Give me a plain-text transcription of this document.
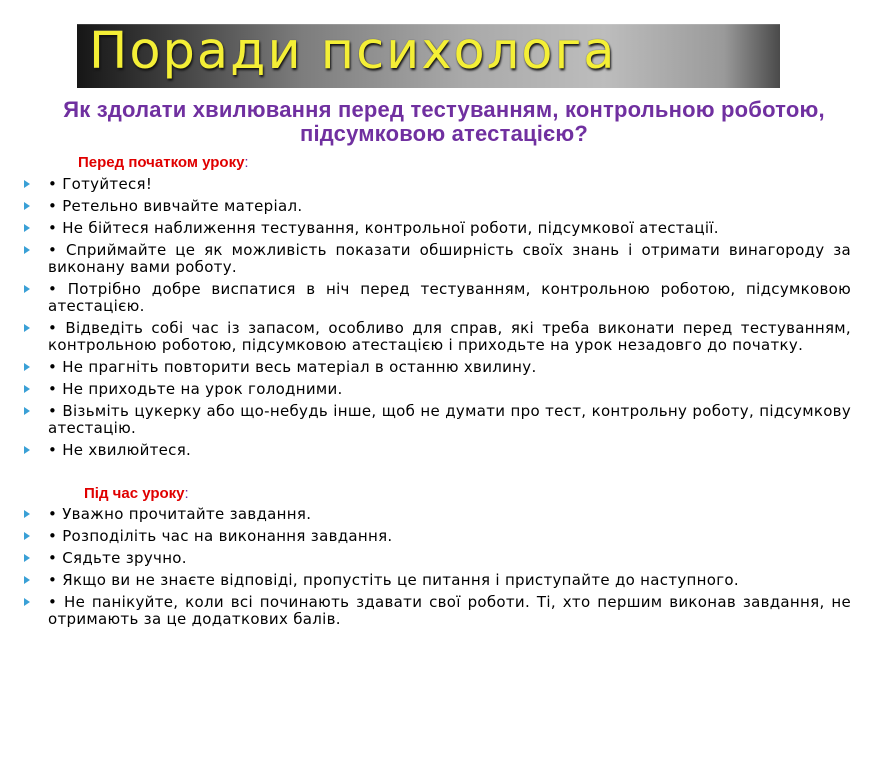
Поради психолога
Як здолати хвилювання перед тестуванням, контрольною роботою, підсумковою атестацією?
Перед початком уроку:
• Готуйтеся!
• Ретельно вивчайте матеріал.
• Не бійтеся наближення тестування, контрольної роботи, підсумкової атестації.
• Сприймайте це як можливість показати обширність своїх знань і отримати винагороду за виконану вами роботу.
• Потрібно добре виспатися в ніч перед тестуванням, контрольною роботою, підсумковою атестацією.
• Відведіть собі час із запасом, особливо для справ, які треба виконати перед тестуванням, контрольною роботою, підсумковою атестацією і приходьте на урок незадовго до початку.
• Не прагніть повторити весь матеріал в останню хвилину.
• Не приходьте на урок голодними.
• Візьміть цукерку або що-небудь інше, щоб не думати про тест, контрольну роботу, підсумкову атестацію.
• Не хвилюйтеся.
Під час уроку:
• Уважно прочитайте завдання.
• Розподіліть час на виконання завдання.
• Сядьте зручно.
• Якщо ви не знаєте відповіді, пропустіть це питання і приступайте до наступного.
• Не панікуйте, коли всі починають здавати свої роботи. Ті, хто першим виконав завдання, не отримають за це додаткових балів.
